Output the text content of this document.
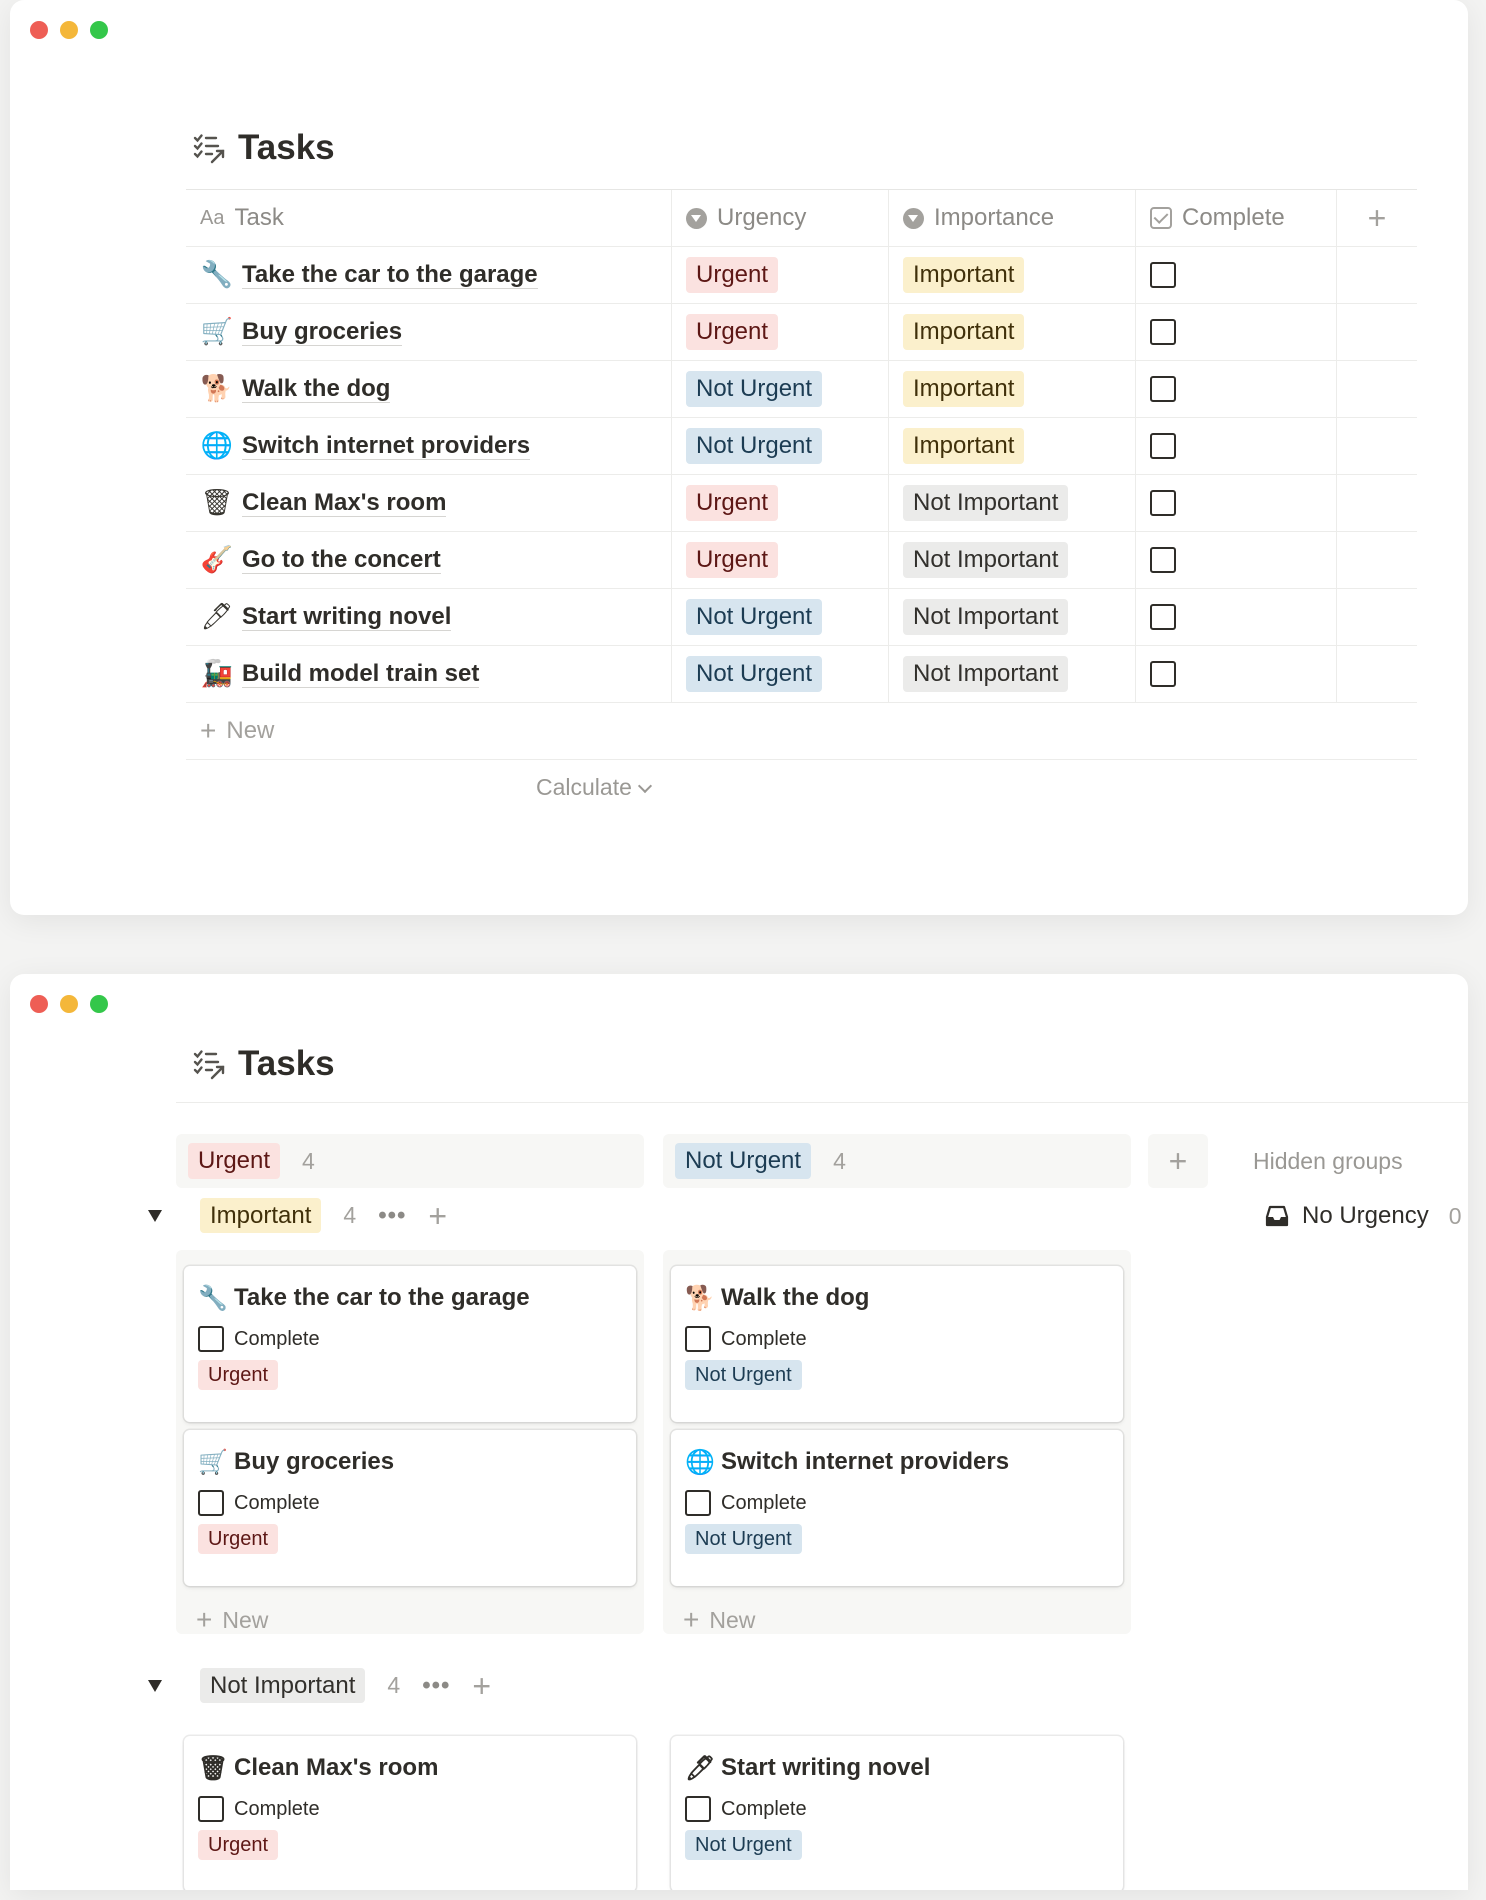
Tasks
Aa Task	Urgency	Importance	Complete	+
🔧 Take the car to the garage	Urgent	Important
🛒 Buy groceries	Urgent	Important
🐕 Walk the dog	Not Urgent	Important
🌐 Switch internet providers	Not Urgent	Important
🗑 Clean Max's room	Urgent	Not Important
🎸 Go to the concert	Urgent	Not Important
🖊 Start writing novel	Not Urgent	Not Important
🚂 Build model train set	Not Urgent	Not Important
+ New
Calculate
Tasks
Urgent	4	Not Urgent	4	+	Hidden groups
No Urgency 0
Important	4 ••• +
🔧 Take the car to the garage
Complete
Urgent
🐕 Walk the dog
Complete
Not Urgent
🛒 Buy groceries
Complete
Urgent
🌐 Switch internet providers
Complete
Not Urgent
+ New	+ New
Not Important	4 ••• +
🗑 Clean Max's room
Complete
Urgent
🖊 Start writing novel
Complete
Not Urgent
